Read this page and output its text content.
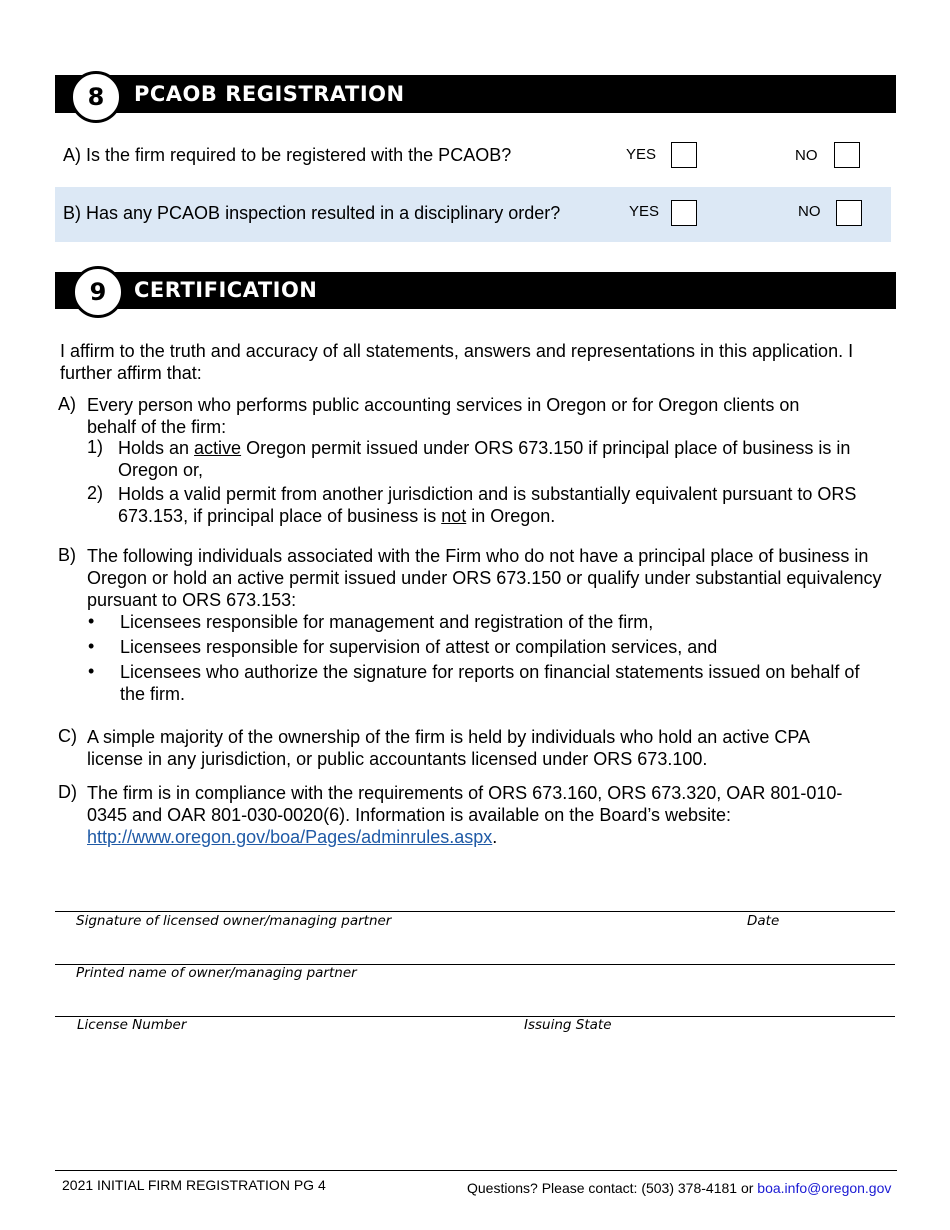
8 PCAOB REGISTRATION
A) Is the firm required to be registered with the PCAOB?	YES	NO
B) Has any PCAOB inspection resulted in a disciplinary order?	YES	NO
9 CERTIFICATION
I affirm to the truth and accuracy of all statements, answers and representations in this application. I further affirm that:
A) Every person who performs public accounting services in Oregon or for Oregon clients on behalf of the firm:
1) Holds an active Oregon permit issued under ORS 673.150 if principal place of business is in Oregon or,
2) Holds a valid permit from another jurisdiction and is substantially equivalent pursuant to ORS 673.153, if principal place of business is not in Oregon.
B) The following individuals associated with the Firm who do not have a principal place of business in Oregon or hold an active permit issued under ORS 673.150 or qualify under substantial equivalency pursuant to ORS 673.153:
• Licensees responsible for management and registration of the firm,
• Licensees responsible for supervision of attest or compilation services, and
• Licensees who authorize the signature for reports on financial statements issued on behalf of the firm.
C) A simple majority of the ownership of the firm is held by individuals who hold an active CPA license in any jurisdiction, or public accountants licensed under ORS 673.100.
D) The firm is in compliance with the requirements of ORS 673.160, ORS 673.320, OAR 801-010-0345 and OAR 801-030-0020(6). Information is available on the Board’s website: http://www.oregon.gov/boa/Pages/adminrules.aspx.
Signature of licensed owner/managing partner	Date
Printed name of owner/managing partner
License Number	Issuing State
2021 INITIAL FIRM REGISTRATION PG 4	Questions? Please contact: (503) 378-4181 or boa.info@oregon.gov
